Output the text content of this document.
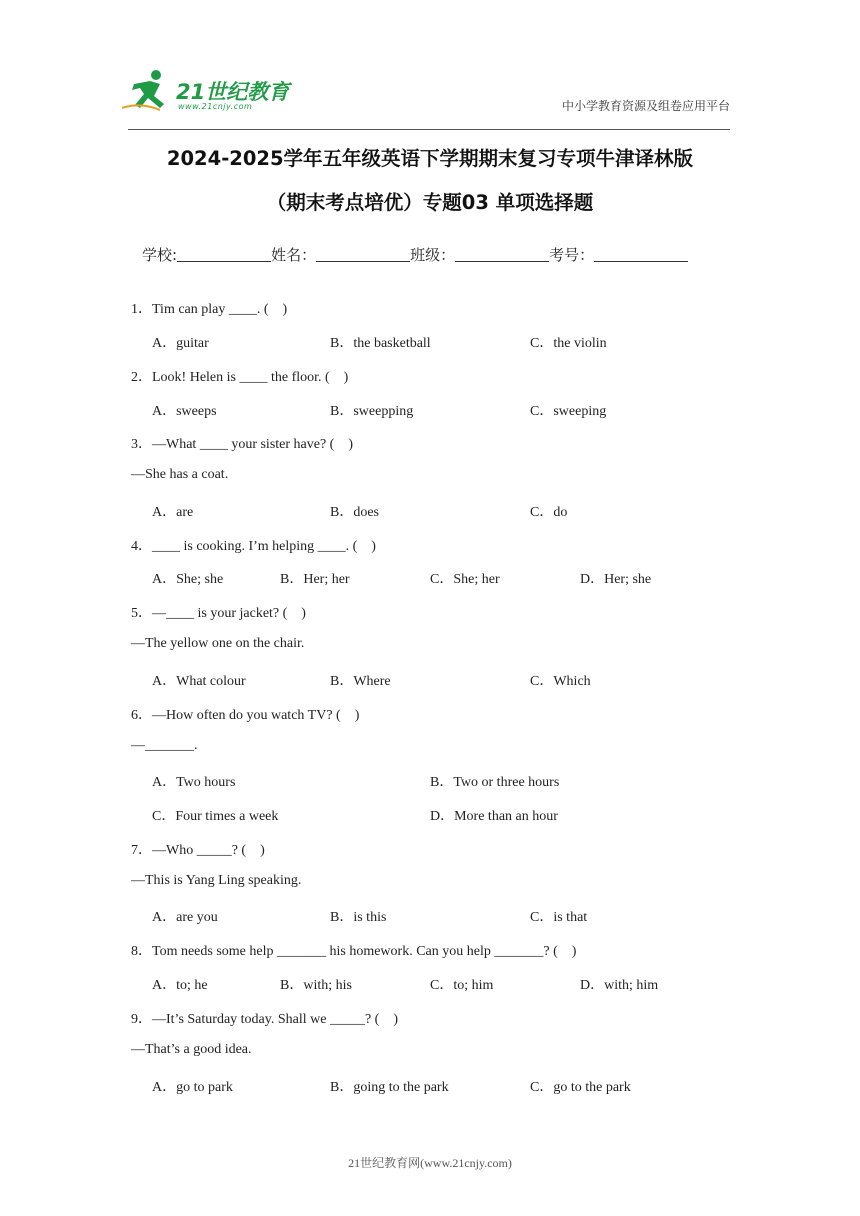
21世纪教育
www.21cnjy.com	中小学教育资源及组卷应用平台
2024-2025学年五年级英语下学期期末复习专项牛津译林版
（期末考点培优）专题03 单项选择题
学校:	姓名：	班级：	考号：
1．Tim can play ____. (    )
A．guitar	B．the basketball	C．the violin
2．Look! Helen is ____ the floor. (    )
A．sweeps	B．sweepping	C．sweeping
3．—What ____ your sister have? (    )
—She has a coat.
A．are	B．does	C．do
4．____ is cooking. I’m helping ____. (    )
A．She; she	B．Her; her	C．She; her	D．Her; she
5．—____ is your jacket? (    )
—The yellow one on the chair.
A．What colour	B．Where	C．Which
6．—How often do you watch TV? (    )
—_______.
A．Two hours	B．Two or three hours
C．Four times a week	D．More than an hour
7．—Who _____? (    )
—This is Yang Ling speaking.
A．are you	B．is this	C．is that
8．Tom needs some help _______ his homework. Can you help _______? (    )
A．to; he	B．with; his	C．to; him	D．with; him
9．—It’s Saturday today. Shall we _____? (    )
—That’s a good idea.
A．go to park	B．going to the park	C．go to the park
21世纪教育网(www.21cnjy.com)
